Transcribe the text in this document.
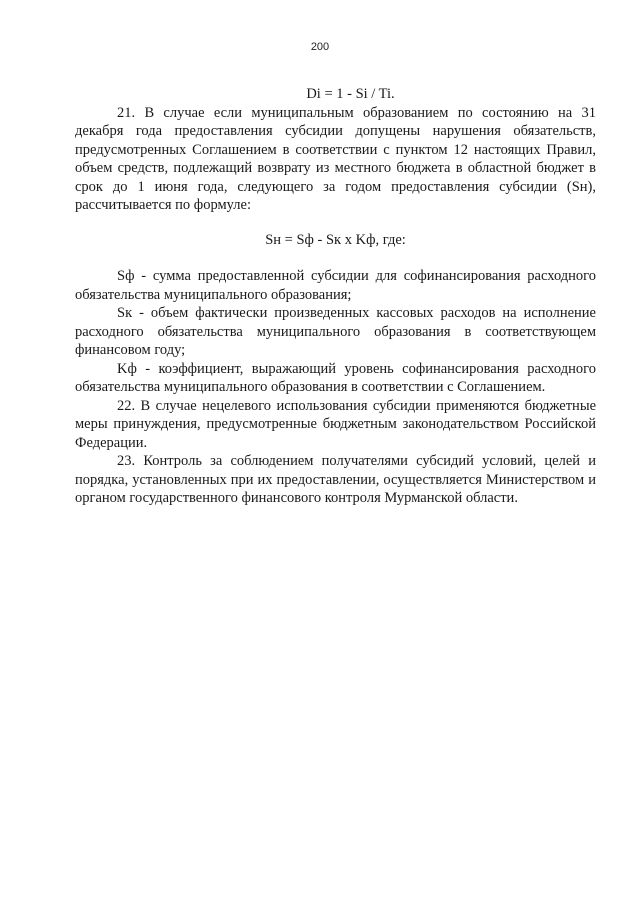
200

Di = 1 - Si / Ti.

21. В случае если муниципальным образованием по состоянию на 31 декабря года предоставления субсидии допущены нарушения обязательств, предусмотренных Соглашением в соответствии с пунктом 12 настоящих Правил, объем средств, подлежащий возврату из местного бюджета в областной бюджет в срок до 1 июня года, следующего за годом предоставления субсидии (Sн), рассчитывается по формуле:

Sн = Sф - Sк x Kф, где:

Sф - сумма предоставленной субсидии для софинансирования расходного обязательства муниципального образования;

Sк - объем фактически произведенных кассовых расходов на исполнение расходного обязательства муниципального образования в соответствующем финансовом году;

Kф - коэффициент, выражающий уровень софинансирования расходного обязательства муниципального образования в соответствии с Соглашением.

22. В случае нецелевого использования субсидии применяются бюджетные меры принуждения, предусмотренные бюджетным законодательством Российской Федерации.

23. Контроль за соблюдением получателями субсидий условий, целей и порядка, установленных при их предоставлении, осуществляется Министерством и органом государственного финансового контроля Мурманской области.
